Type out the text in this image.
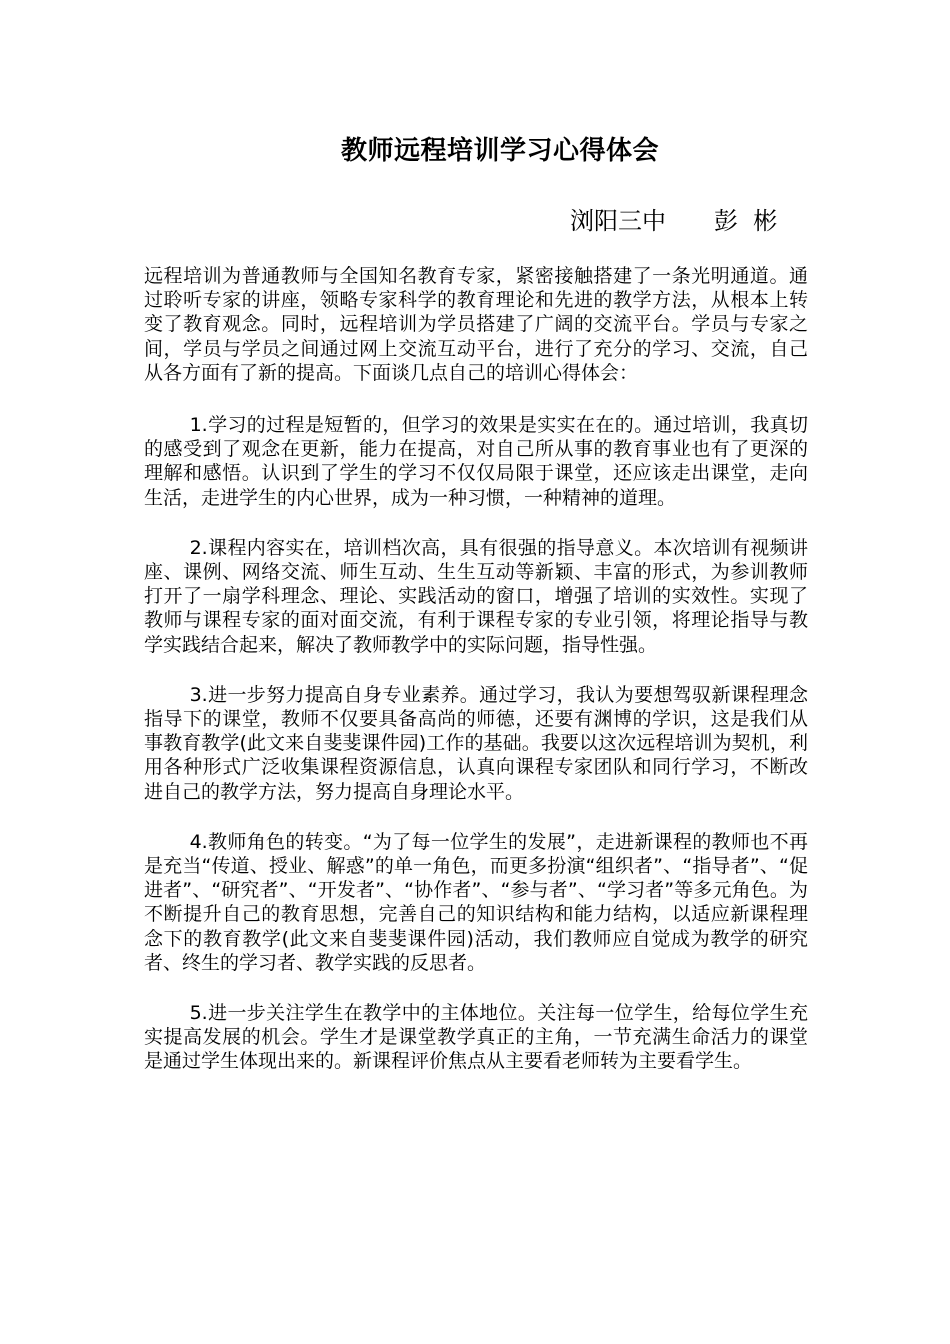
教师远程培训学习心得体会
浏阳三中　　彭  彬

远程培训为普通教师与全国知名教育专家，紧密接触搭建了一条光明通道。通过聆听专家的讲座，领略专家科学的教育理论和先进的教学方法，从根本上转变了教育观念。同时，远程培训为学员搭建了广阔的交流平台。学员与专家之间，学员与学员之间通过网上交流互动平台，进行了充分的学习、交流，自己从各方面有了新的提高。下面谈几点自己的培训心得体会：

1.学习的过程是短暂的，但学习的效果是实实在在的。通过培训，我真切的感受到了观念在更新，能力在提高，对自己所从事的教育事业也有了更深的理解和感悟。认识到了学生的学习不仅仅局限于课堂，还应该走出课堂，走向生活，走进学生的内心世界，成为一种习惯，一种精神的道理。

2.课程内容实在，培训档次高，具有很强的指导意义。本次培训有视频讲座、课例、网络交流、师生互动、生生互动等新颖、丰富的形式，为参训教师打开了一扇学科理念、理论、实践活动的窗口，增强了培训的实效性。实现了教师与课程专家的面对面交流，有利于课程专家的专业引领，将理论指导与教学实践结合起来，解决了教师教学中的实际问题，指导性强。

3.进一步努力提高自身专业素养。通过学习，我认为要想驾驭新课程理念指导下的课堂，教师不仅要具备高尚的师德，还要有渊博的学识，这是我们从事教育教学(此文来自斐斐课件园)工作的基础。我要以这次远程培训为契机，利用各种形式广泛收集课程资源信息，认真向课程专家团队和同行学习，不断改进自己的教学方法，努力提高自身理论水平。

4.教师角色的转变。“为了每一位学生的发展”，走进新课程的教师也不再是充当“传道、授业、解惑”的单一角色，而更多扮演“组织者”、“指导者”、“促进者”、“研究者”、“开发者”、“协作者”、“参与者”、“学习者”等多元角色。为不断提升自己的教育思想，完善自己的知识结构和能力结构，以适应新课程理念下的教育教学(此文来自斐斐课件园)活动，我们教师应自觉成为教学的研究者、终生的学习者、教学实践的反思者。

5.进一步关注学生在教学中的主体地位。关注每一位学生，给每位学生充实提高发展的机会。学生才是课堂教学真正的主角，一节充满生命活力的课堂是通过学生体现出来的。新课程评价焦点从主要看老师转为主要看学生。
